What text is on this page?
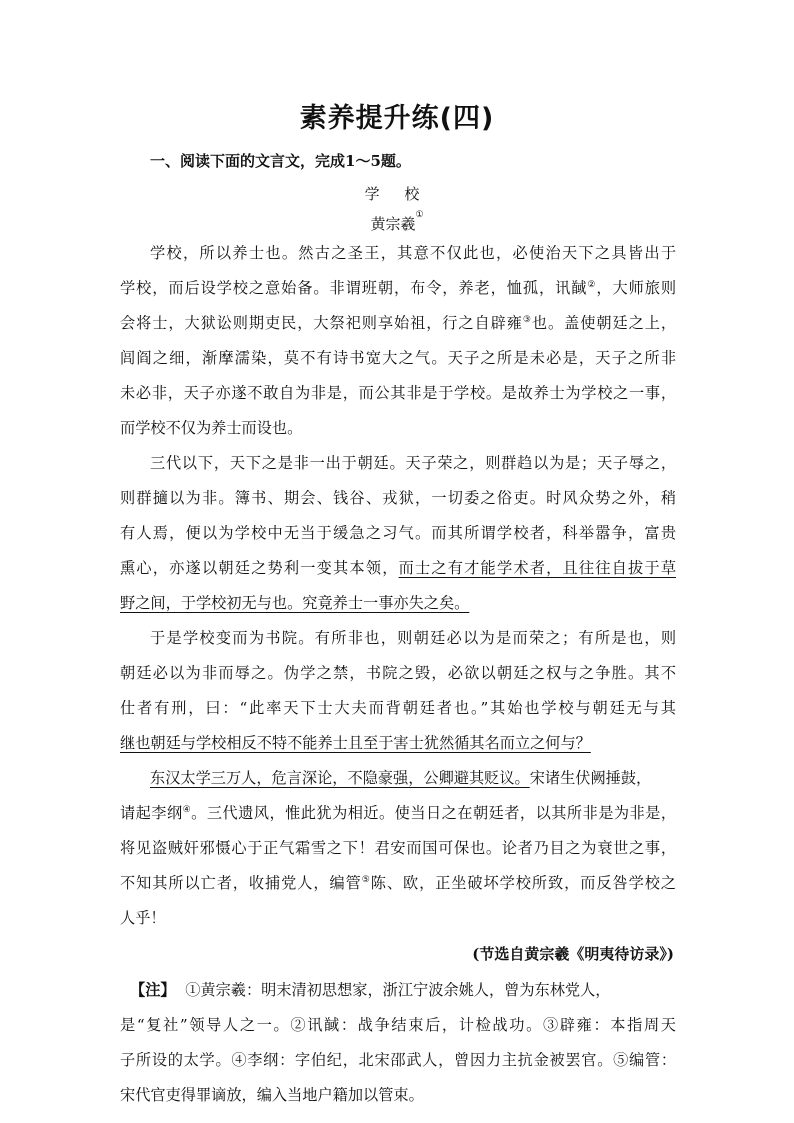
素养提升练(四)
一、阅读下面的文言文，完成1～5题。
学 校
黄宗羲①
学校，所以养士也。然古之圣王，其意不仅此也，必使治天下之具皆出于
学校，而后设学校之意始备。非谓班朝，布令，养老，恤孤，讯馘②，大师旅则
会将士，大狱讼则期吏民，大祭祀则享始祖，行之自辟雍③也。盖使朝廷之上，
闾阎之细，渐摩濡染，莫不有诗书宽大之气。天子之所是未必是，天子之所非
未必非，天子亦遂不敢自为非是，而公其非是于学校。是故养士为学校之一事，
而学校不仅为养士而设也。
三代以下，天下之是非一出于朝廷。天子荣之，则群趋以为是；天子辱之，
则群擿以为非。簿书、期会、钱谷、戎狱，一切委之俗吏。时风众势之外，稍
有人焉，便以为学校中无当于缓急之习气。而其所谓学校者，科举嚣争，富贵
熏心，亦遂以朝廷之势利一变其本领，而士之有才能学术者，且往往自拔于草
野之间，于学校初无与也。究竟养士一事亦失之矣。
于是学校变而为书院。有所非也，则朝廷必以为是而荣之；有所是也，则
朝廷必以为非而辱之。伪学之禁，书院之毁，必欲以朝廷之权与之争胜。其不
仕者有刑，曰：“此率天下士大夫而背朝廷者也。”其始也学校与朝廷无与其
继也朝廷与学校相反不特不能养士且至于害士犹然循其名而立之何与？
东汉太学三万人，危言深论，不隐豪强，公卿避其贬议。宋诸生伏阙捶鼓，
请起李纲④。三代遗风，惟此犹为相近。使当日之在朝廷者，以其所非是为非是，
将见盗贼奸邪慑心于正气霜雪之下！君安而国可保也。论者乃目之为衰世之事，
不知其所以亡者，收捕党人，编管⑤陈、欧，正坐破坏学校所致，而反咎学校之
人乎！
(节选自黄宗羲《明夷待访录》)
【注】 ①黄宗羲：明末清初思想家，浙江宁波余姚人，曾为东林党人，
是“复社”领导人之一。②讯馘：战争结束后，计检战功。③辟雍：本指周天
子所设的太学。④李纲：字伯纪，北宋邵武人，曾因力主抗金被罢官。⑤编管：
宋代官吏得罪谪放，编入当地户籍加以管束。
